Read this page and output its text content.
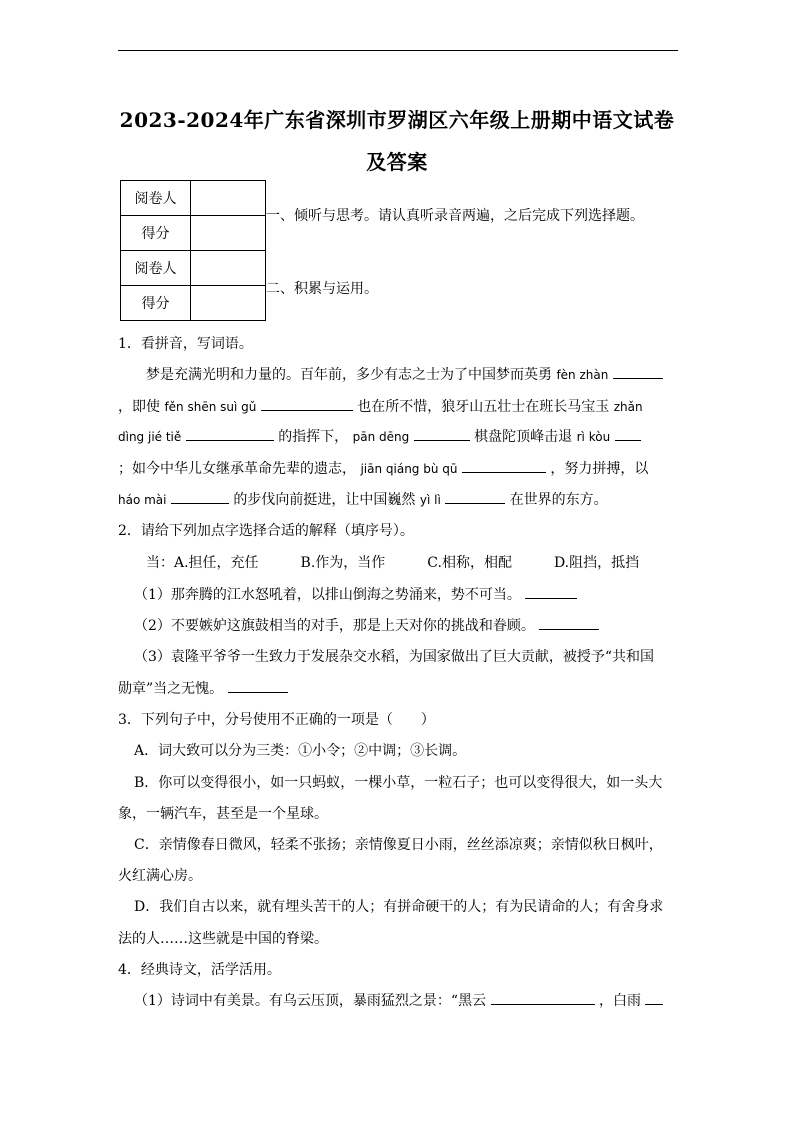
2023-2024年广东省深圳市罗湖区六年级上册期中语文试卷
及答案
阅卷人	
得分	
阅卷人	
得分	
一、倾听与思考。请认真听录音两遍，之后完成下列选择题。
二、积累与运用。
1．看拼音，写词语。
梦是充满光明和力量的。百年前，多少有志之士为了中国梦而英勇 fèn zhàn
，即使 fěn shēn suì gǔ	也在所不惜，狼牙山五壮士在班长马宝玉 zhǎn
dìng jié tiě	的指挥下， pān dēng	棋盘陀顶峰击退 rì kòu
；如今中华儿女继承革命先辈的遗志， jiān qiáng bù qū	，努力拼搏，以
háo mài	的步伐向前挺进，让中国巍然 yì lì	在世界的东方。
2．请给下列加点字选择合适的解释（填序号）。
当：A.担任，充任　　　B.作为，当作　　　C.相称，相配　　　D.阻挡，抵挡
（1）那奔腾的江水怒吼着，以排山倒海之势涌来，势不可当。
（2）不要嫉妒这旗鼓相当的对手，那是上天对你的挑战和眷顾。
（3）袁隆平爷爷一生致力于发展杂交水稻，为国家做出了巨大贡献，被授予“共和国
勋章”当之无愧。
3．下列句子中，分号使用不正确的一项是（　　）
A．词大致可以分为三类：①小令；②中调；③长调。
B．你可以变得很小，如一只蚂蚁，一棵小草，一粒石子；也可以变得很大，如一头大
象，一辆汽车，甚至是一个星球。
C．亲情像春日微风，轻柔不张扬；亲情像夏日小雨，丝丝添凉爽；亲情似秋日枫叶，
火红满心房。
D．我们自古以来，就有埋头苦干的人；有拼命硬干的人；有为民请命的人；有舍身求
法的人……这些就是中国的脊梁。
4．经典诗文，活学活用。
（1）诗词中有美景。有乌云压顶，暴雨猛烈之景：“黑云	，白雨
